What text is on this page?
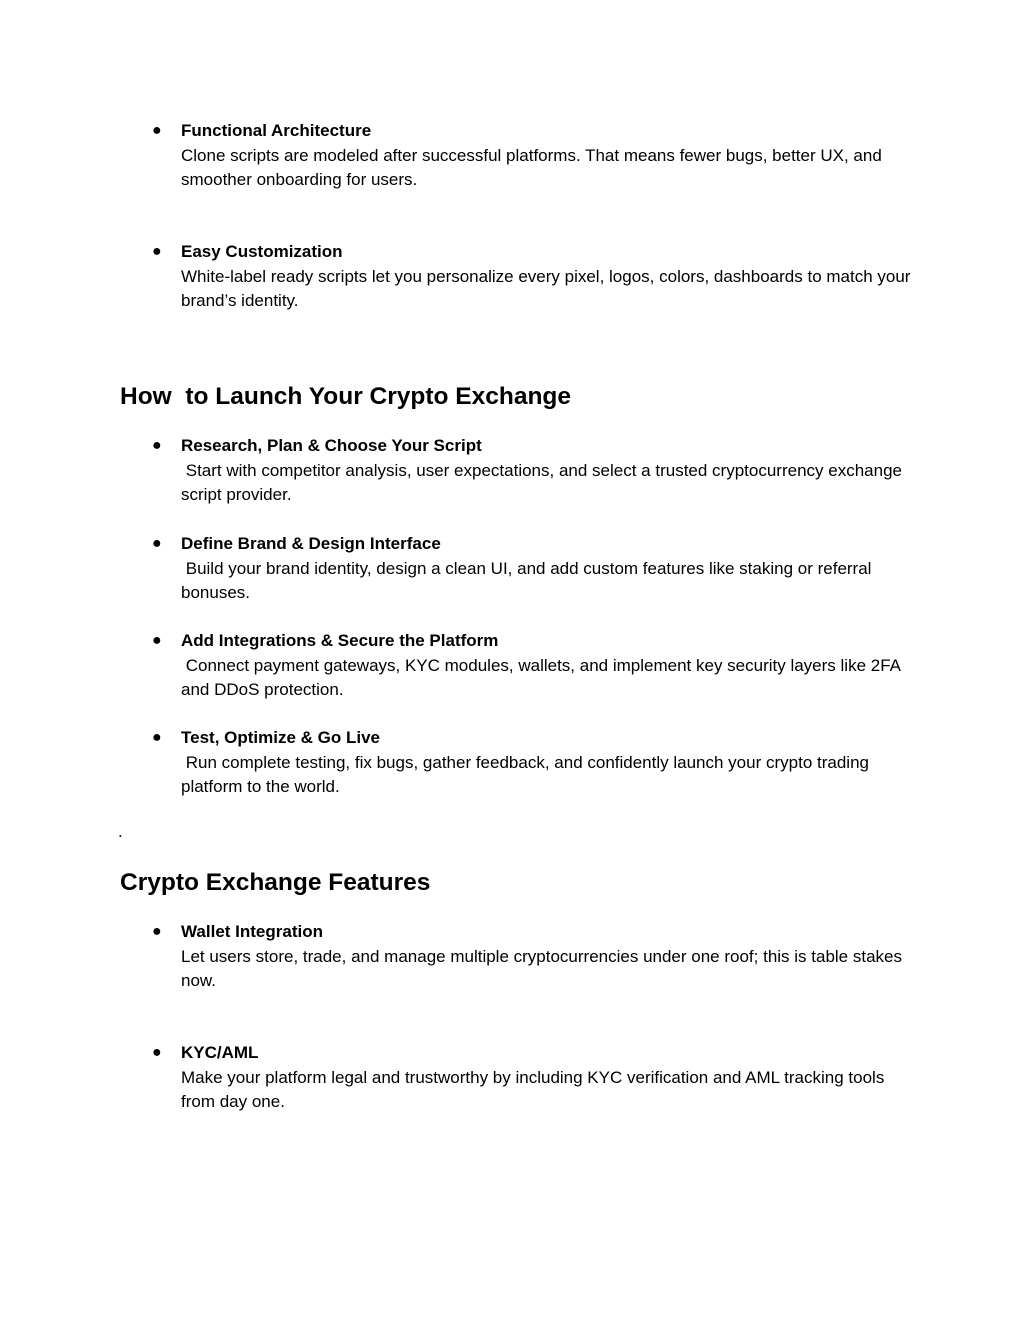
● Functional Architecture
Clone scripts are modeled after successful platforms. That means fewer bugs, better UX, and smoother onboarding for users.
● Easy Customization
White-label ready scripts let you personalize every pixel, logos, colors, dashboards to match your brand’s identity.
How  to Launch Your Crypto Exchange
● Research, Plan & Choose Your Script
Start with competitor analysis, user expectations, and select a trusted cryptocurrency exchange script provider.
● Define Brand & Design Interface
Build your brand identity, design a clean UI, and add custom features like staking or referral bonuses.
● Add Integrations & Secure the Platform
Connect payment gateways, KYC modules, wallets, and implement key security layers like 2FA and DDoS protection.
● Test, Optimize & Go Live
Run complete testing, fix bugs, gather feedback, and confidently launch your crypto trading platform to the world.
.
Crypto Exchange Features
● Wallet Integration
Let users store, trade, and manage multiple cryptocurrencies under one roof; this is table stakes now.
● KYC/AML
Make your platform legal and trustworthy by including KYC verification and AML tracking tools from day one.
